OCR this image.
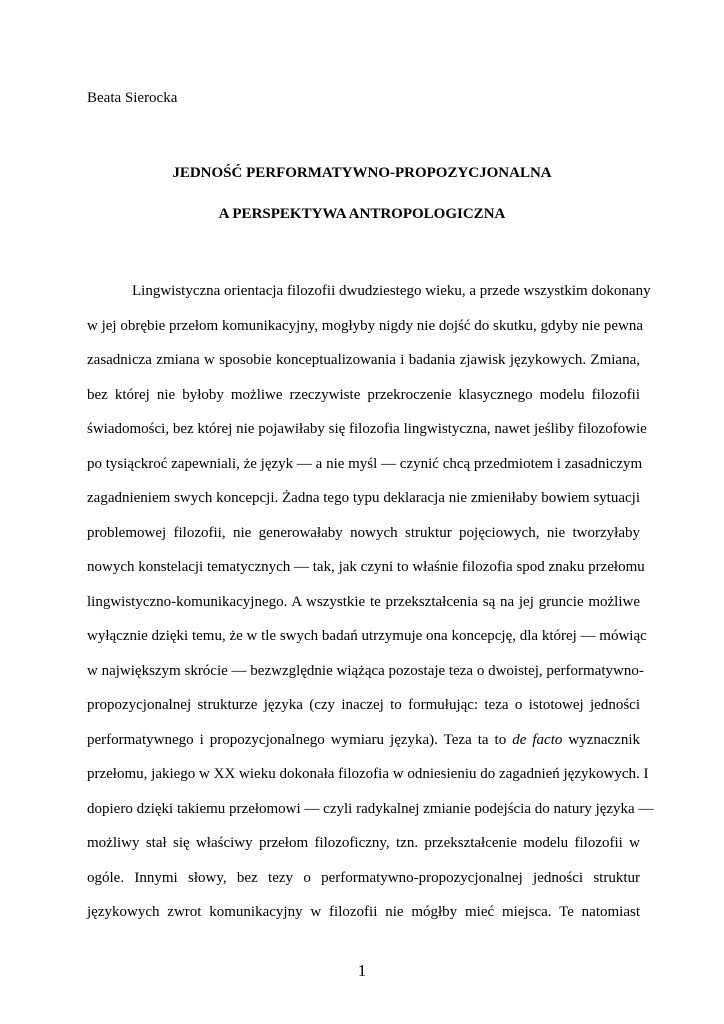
Beata Sierocka

JEDNOŚĆ PERFORMATYWNO-PROPOZYCJONALNA

A PERSPEKTYWA ANTROPOLOGICZNA

Lingwistyczna orientacja filozofii dwudziestego wieku, a przede wszystkim dokonany
w jej obrębie przełom komunikacyjny, mogłyby nigdy nie dojść do skutku, gdyby nie pewna
zasadnicza zmiana w sposobie konceptualizowania i badania zjawisk językowych. Zmiana,
bez której nie byłoby możliwe rzeczywiste przekroczenie klasycznego modelu filozofii
świadomości, bez której nie pojawiłaby się filozofia lingwistyczna, nawet jeśliby filozofowie
po tysiąckroć zapewniali, że język — a nie myśl — czynić chcą przedmiotem i zasadniczym
zagadnieniem swych koncepcji. Żadna tego typu deklaracja nie zmieniłaby bowiem sytuacji
problemowej filozofii, nie generowałaby nowych struktur pojęciowych, nie tworzyłaby
nowych konstelacji tematycznych — tak, jak czyni to właśnie filozofia spod znaku przełomu
lingwistyczno-komunikacyjnego. A wszystkie te przekształcenia są na jej gruncie możliwe
wyłącznie dzięki temu, że w tle swych badań utrzymuje ona koncepcję, dla której — mówiąc
w największym skrócie — bezwzględnie wiążąca pozostaje teza o dwoistej, performatywno-
propozycjonalnej strukturze języka (czy inaczej to formułując: teza o istotowej jedności
performatywnego i propozycjonalnego wymiaru języka). Teza ta to de facto wyznacznik
przełomu, jakiego w XX wieku dokonała filozofia w odniesieniu do zagadnień językowych. I
dopiero dzięki takiemu przełomowi — czyli radykalnej zmianie podejścia do natury języka —
możliwy stał się właściwy przełom filozoficzny, tzn. przekształcenie modelu filozofii w
ogóle. Innymi słowy, bez tezy o performatywno-propozycjonalnej jedności struktur
językowych zwrot komunikacyjny w filozofii nie mógłby mieć miejsca. Te natomiast

1
